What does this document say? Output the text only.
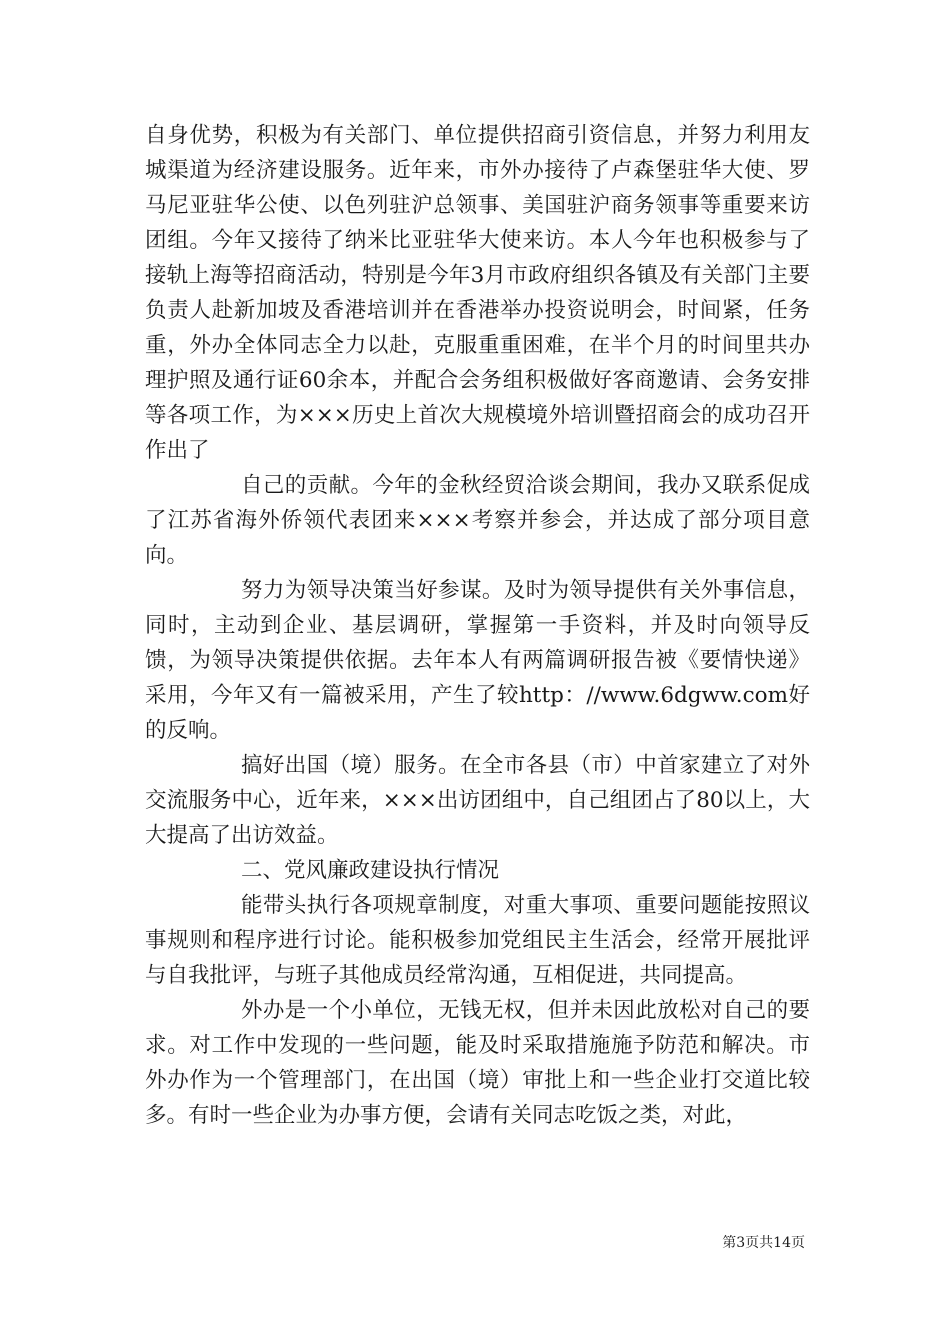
自身优势，积极为有关部门、单位提供招商引资信息，并努力利用友城渠道为经济建设服务。近年来，市外办接待了卢森堡驻华大使、罗马尼亚驻华公使、以色列驻沪总领事、美国驻沪商务领事等重要来访团组。今年又接待了纳米比亚驻华大使来访。本人今年也积极参与了接轨上海等招商活动，特别是今年3月市政府组织各镇及有关部门主要负责人赴新加坡及香港培训并在香港举办投资说明会，时间紧，任务重，外办全体同志全力以赴，克服重重困难，在半个月的时间里共办理护照及通行证60余本，并配合会务组积极做好客商邀请、会务安排等各项工作，为×××历史上首次大规模境外培训暨招商会的成功召开作出了

自己的贡献。今年的金秋经贸洽谈会期间，我办又联系促成了江苏省海外侨领代表团来×××考察并参会，并达成了部分项目意向。

努力为领导决策当好参谋。及时为领导提供有关外事信息，同时，主动到企业、基层调研，掌握第一手资料，并及时向领导反馈，为领导决策提供依据。去年本人有两篇调研报告被《要情快递》采用，今年又有一篇被采用，产生了较http：//www.6dgww.com好的反响。

搞好出国（境）服务。在全市各县（市）中首家建立了对外交流服务中心，近年来，×××出访团组中，自己组团占了80以上，大大提高了出访效益。

二、党风廉政建设执行情况

能带头执行各项规章制度，对重大事项、重要问题能按照议事规则和程序进行讨论。能积极参加党组民主生活会，经常开展批评与自我批评，与班子其他成员经常沟通，互相促进，共同提高。

外办是一个小单位，无钱无权，但并未因此放松对自己的要求。对工作中发现的一些问题，能及时采取措施施予防范和解决。市外办作为一个管理部门，在出国（境）审批上和一些企业打交道比较多。有时一些企业为办事方便，会请有关同志吃饭之类，对此，

第3页共14页
